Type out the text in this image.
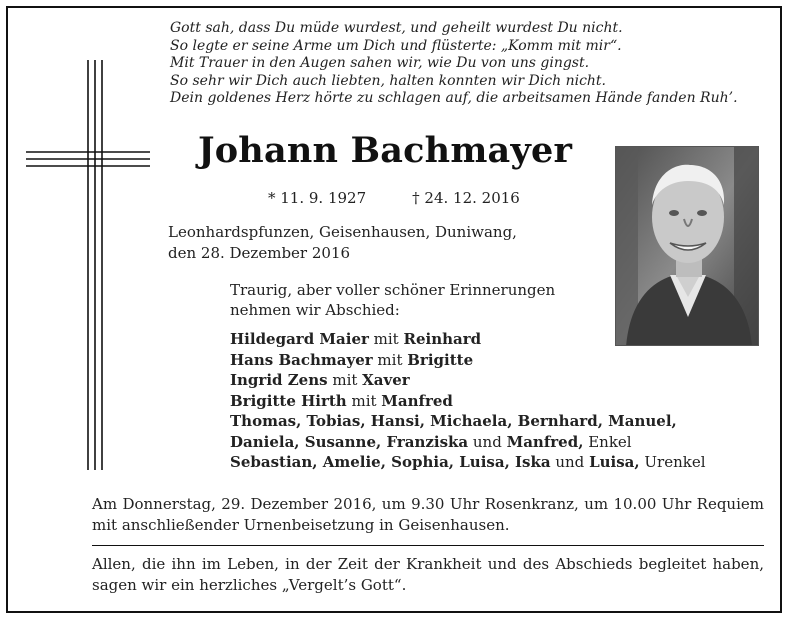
Gott sah, dass Du müde wurdest, und geheilt wurdest Du nicht.
So legte er seine Arme um Dich und flüsterte: „Komm mit mir“.
Mit Trauer in den Augen sahen wir, wie Du von uns gingst.
So sehr wir Dich auch liebten, halten konnten wir Dich nicht.
Dein goldenes Herz hörte zu schlagen auf, die arbeitsamen Hände fanden Ruh’.
Johann Bachmayer
* 11. 9. 1927	† 24. 12. 2016
Leonhardspfunzen, Geisenhausen, Duniwang,
den 28. Dezember 2016
Traurig, aber voller schöner Erinnerungen
nehmen wir Abschied:
Hildegard Maier mit Reinhard
Hans Bachmayer mit Brigitte
Ingrid Zens mit Xaver
Brigitte Hirth mit Manfred
Thomas, Tobias, Hansi, Michaela, Bernhard, Manuel,
Daniela, Susanne, Franziska und Manfred, Enkel
Sebastian, Amelie, Sophia, Luisa, Iska und Luisa, Urenkel
Am Donnerstag, 29. Dezember 2016, um 9.30 Uhr Rosenkranz, um 10.00 Uhr Requiem mit anschließender Urnenbeisetzung in Geisenhausen.
Allen, die ihn im Leben, in der Zeit der Krankheit und des Abschieds begleitet haben, sagen wir ein herzliches „Vergelt’s Gott“.
